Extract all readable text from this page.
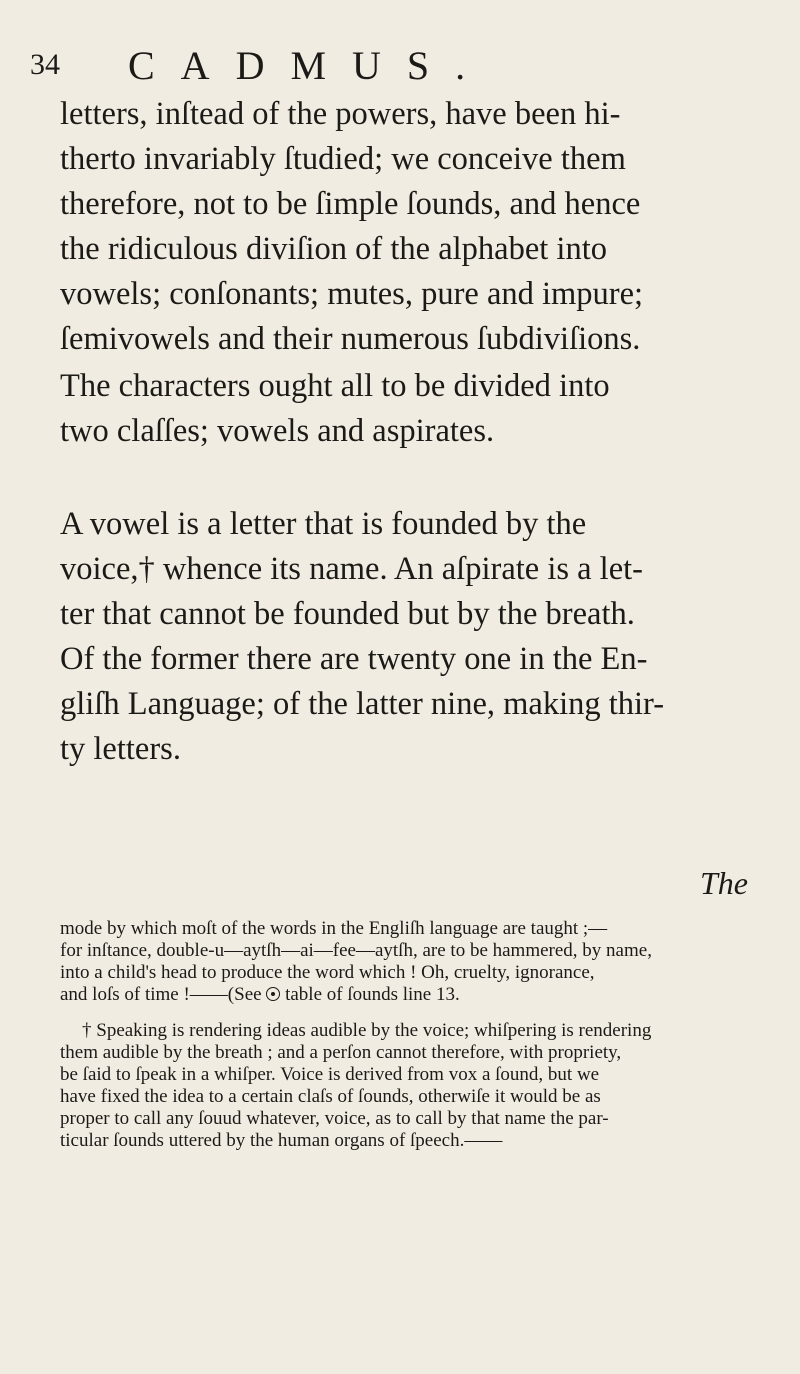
34 CADMUS.

letters, inſtead of the powers, have been hi-
therto invariably ſtudied; we conceive them
therefore, not to be ſimple ſounds, and hence
the ridiculous diviſion of the alphabet into
vowels; conſonants; mutes, pure and impure;
ſemivowels and their numerous ſubdiviſions.

The characters ought all to be divided into
two claſſes; vowels and aspirates.

A vowel is a letter that is founded by the
voice,† whence its name. An aſpirate is a let-
ter that cannot be founded but by the breath.
Of the former there are twenty one in the En-
gliſh Language; of the latter nine, making thir-
ty letters.

The

mode by which moſt of the words in the Engliſh language are taught ;—
for inſtance, double-u—aytſh—ai—fee—aytſh, are to be hammered, by name,
into a child's head to produce the word which ! Oh, cruelty, ignorance,
and loſs of time !——(See table of ſounds line 13.

† Speaking is rendering ideas audible by the voice; whiſpering is rendering
them audible by the breath ; and a perſon cannot therefore, with propriety,
be ſaid to ſpeak in a whiſper. Voice is derived from vox a ſound, but we
have fixed the idea to a certain claſs of ſounds, otherwiſe it would be as
proper to call any ſouud whatever, voice, as to call by that name the par-
ticular ſounds uttered by the human organs of ſpeech.——
